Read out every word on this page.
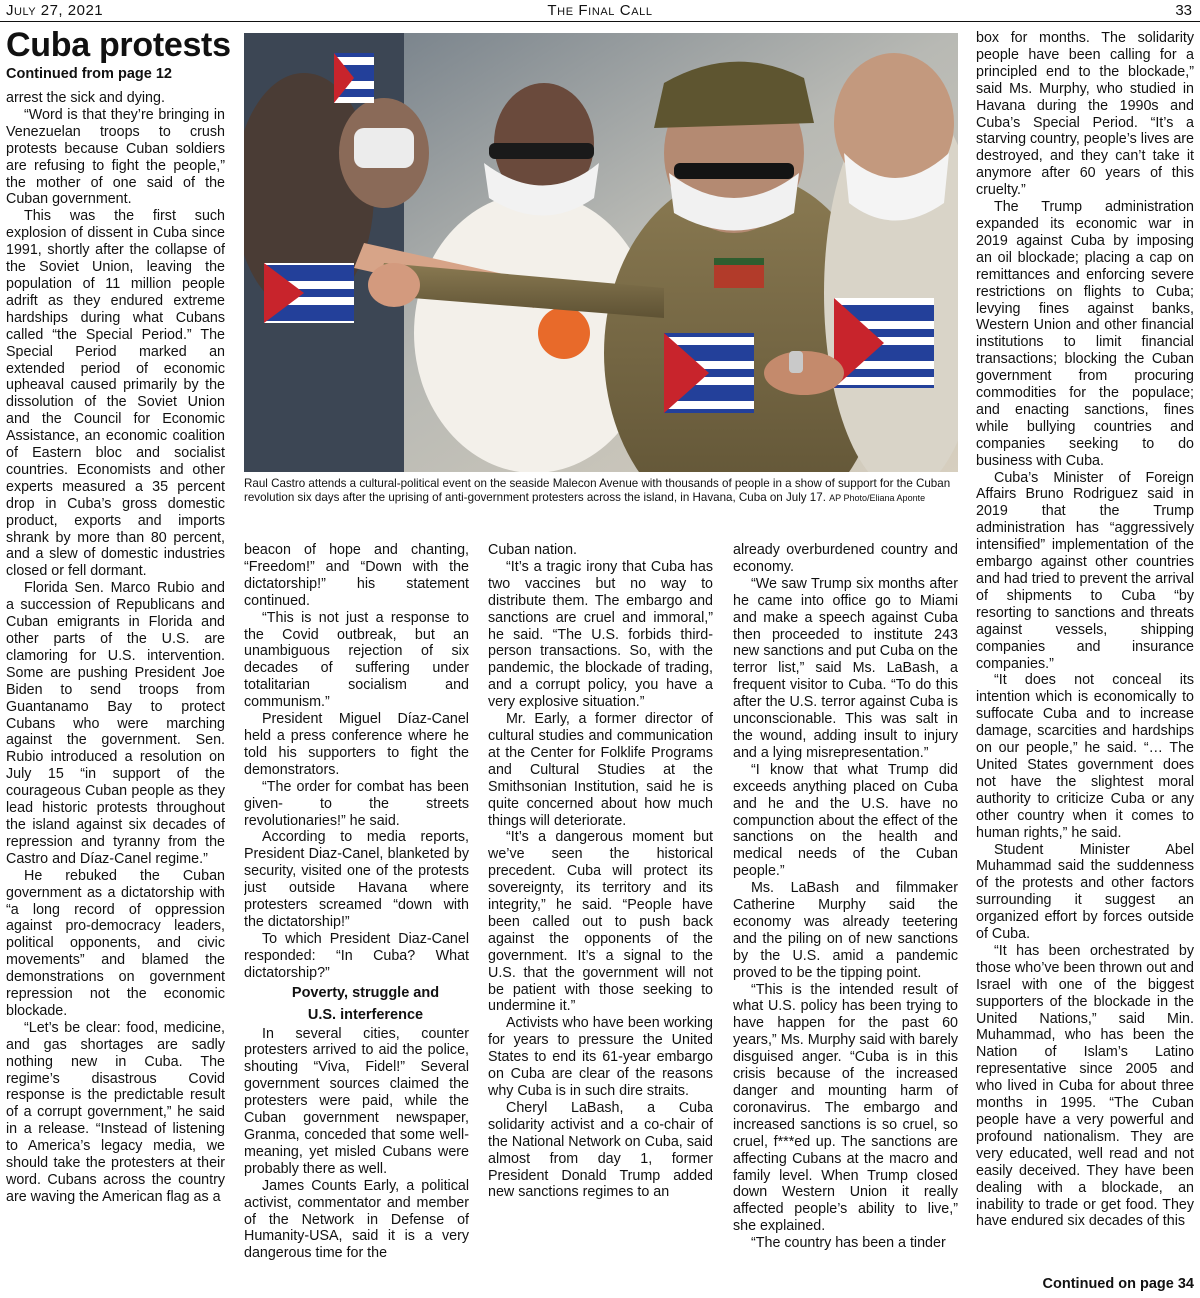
July 27, 2021	The Final Call	33
Cuba protests
Continued from page 12

arrest the sick and dying.

“Word is that they’re bringing in Venezuelan troops to crush protests because Cuban soldiers are refusing to fight the people,” the mother of one said of the Cuban government.

This was the first such explosion of dissent in Cuba since 1991, shortly after the collapse of the Soviet Union, leaving the population of 11 million people adrift as they endured extreme hardships during what Cubans called “the Special Period.” The Special Period marked an extended period of economic upheaval caused primarily by the dissolution of the Soviet Union and the Council for Economic Assistance, an economic coalition of Eastern bloc and socialist countries. Economists and other experts measured a 35 percent drop in Cuba’s gross domestic product, exports and imports shrank by more than 80 percent, and a slew of domestic industries closed or fell dormant.

Florida Sen. Marco Rubio and a succession of Republicans and Cuban emigrants in Florida and other parts of the U.S. are clamoring for U.S. intervention. Some are pushing President Joe Biden to send troops from Guantanamo Bay to protect Cubans who were marching against the government. Sen. Rubio introduced a resolution on July 15 “in support of the courageous Cuban people as they lead historic protests throughout the island against six decades of repression and tyranny from the Castro and Díaz-Canel regime.”

He rebuked the Cuban government as a dictatorship with “a long record of oppression against pro-democracy leaders, political opponents, and civic movements” and blamed the demonstrations on government repression not the economic blockade.

“Let’s be clear: food, medicine, and gas shortages are sadly nothing new in Cuba. The regime’s disastrous Covid response is the predictable result of a corrupt government,” he said in a release. “Instead of listening to America’s legacy media, we should take the protesters at their word. Cubans across the country are waving the American flag as a

Raul Castro attends a cultural-political event on the seaside Malecon Avenue with thousands of people in a show of support for the Cuban revolution six days after the uprising of anti-government protesters across the island, in Havana, Cuba on July 17. AP Photo/Eliana Aponte

beacon of hope and chanting, “Freedom!” and “Down with the dictatorship!” his statement continued.

“This is not just a response to the Covid outbreak, but an unambiguous rejection of six decades of suffering under totalitarian socialism and communism.”

President Miguel Díaz-Canel held a press conference where he told his supporters to fight the demonstrators.

“The order for combat has been given- to the streets revolutionaries!” he said.

According to media reports, President Diaz-Canel, blanketed by security, visited one of the protests just outside Havana where protesters screamed “down with the dictatorship!”

To which President Diaz-Canel responded: “In Cuba? What dictatorship?”

Poverty, struggle and

U.S. interference

In several cities, counter protesters arrived to aid the police, shouting “Viva, Fidel!” Several government sources claimed the protesters were paid, while the Cuban government newspaper, Granma, conceded that some well-meaning, yet misled Cubans were probably there as well.

James Counts Early, a political activist, commentator and member of the Network in Defense of Humanity-USA, said it is a very dangerous time for the

Cuban nation.

“It’s a tragic irony that Cuba has two vaccines but no way to distribute them. The embargo and sanctions are cruel and immoral,” he said. “The U.S. forbids third-person transactions. So, with the pandemic, the blockade of trading, and a corrupt policy, you have a very explosive situation.”

Mr. Early, a former director of cultural studies and communication at the Center for Folklife Programs and Cultural Studies at the Smithsonian Institution, said he is quite concerned about how much things will deteriorate.

“It’s a dangerous moment but we’ve seen the historical precedent. Cuba will protect its sovereignty, its territory and its integrity,” he said. “People have been called out to push back against the opponents of the government. It’s a signal to the U.S. that the government will not be patient with those seeking to undermine it.”

Activists who have been working for years to pressure the United States to end its 61-year embargo on Cuba are clear of the reasons why Cuba is in such dire straits.

Cheryl LaBash, a Cuba solidarity activist and a co-chair of the National Network on Cuba, said almost from day 1, former President Donald Trump added new sanctions regimes to an

already overburdened country and economy.

“We saw Trump six months after he came into office go to Miami and make a speech against Cuba then proceeded to institute 243 new sanctions and put Cuba on the terror list,” said Ms. LaBash, a frequent visitor to Cuba. “To do this after the U.S. terror against Cuba is unconscionable. This was salt in the wound, adding insult to injury and a lying misrepresentation.”

“I know that what Trump did exceeds anything placed on Cuba and he and the U.S. have no compunction about the effect of the sanctions on the health and medical needs of the Cuban people.”

Ms. LaBash and filmmaker Catherine Murphy said the economy was already teetering and the piling on of new sanctions by the U.S. amid a pandemic proved to be the tipping point.

“This is the intended result of what U.S. policy has been trying to have happen for the past 60 years,” Ms. Murphy said with barely disguised anger. “Cuba is in this crisis because of the increased danger and mounting harm of coronavirus. The embargo and increased sanctions is so cruel, so cruel, f***ed up. The sanctions are affecting Cubans at the macro and family level. When Trump closed down Western Union it really affected people’s ability to live,” she explained.

“The country has been a tinder

box for months. The solidarity people have been calling for a principled end to the blockade,” said Ms. Murphy, who studied in Havana during the 1990s and Cuba’s Special Period. “It’s a starving country, people’s lives are destroyed, and they can’t take it anymore after 60 years of this cruelty.”

The Trump administration expanded its economic war in 2019 against Cuba by imposing an oil blockade; placing a cap on remittances and enforcing severe restrictions on flights to Cuba; levying fines against banks, Western Union and other financial institutions to limit financial transactions; blocking the Cuban government from procuring commodities for the populace; and enacting sanctions, fines while bullying countries and companies seeking to do business with Cuba.

Cuba’s Minister of Foreign Affairs Bruno Rodriguez said in 2019 that the Trump administration has “aggressively intensified” implementation of the embargo against other countries and had tried to prevent the arrival of shipments to Cuba “by resorting to sanctions and threats against vessels, shipping companies and insurance companies.”

“It does not conceal its intention which is economically to suffocate Cuba and to increase damage, scarcities and hardships on our people,” he said. “… The United States government does not have the slightest moral authority to criticize Cuba or any other country when it comes to human rights,” he said.

Student Minister Abel Muhammad said the suddenness of the protests and other factors surrounding it suggest an organized effort by forces outside of Cuba.

“It has been orchestrated by those who’ve been thrown out and Israel with one of the biggest supporters of the blockade in the United Nations,” said Min. Muhammad, who has been the Nation of Islam’s Latino representative since 2005 and who lived in Cuba for about three months in 1995. “The Cuban people have a very powerful and profound nationalism. They are very educated, well read and not easily deceived. They have been dealing with a blockade, an inability to trade or get food. They have endured six decades of this

Continued on page 34
